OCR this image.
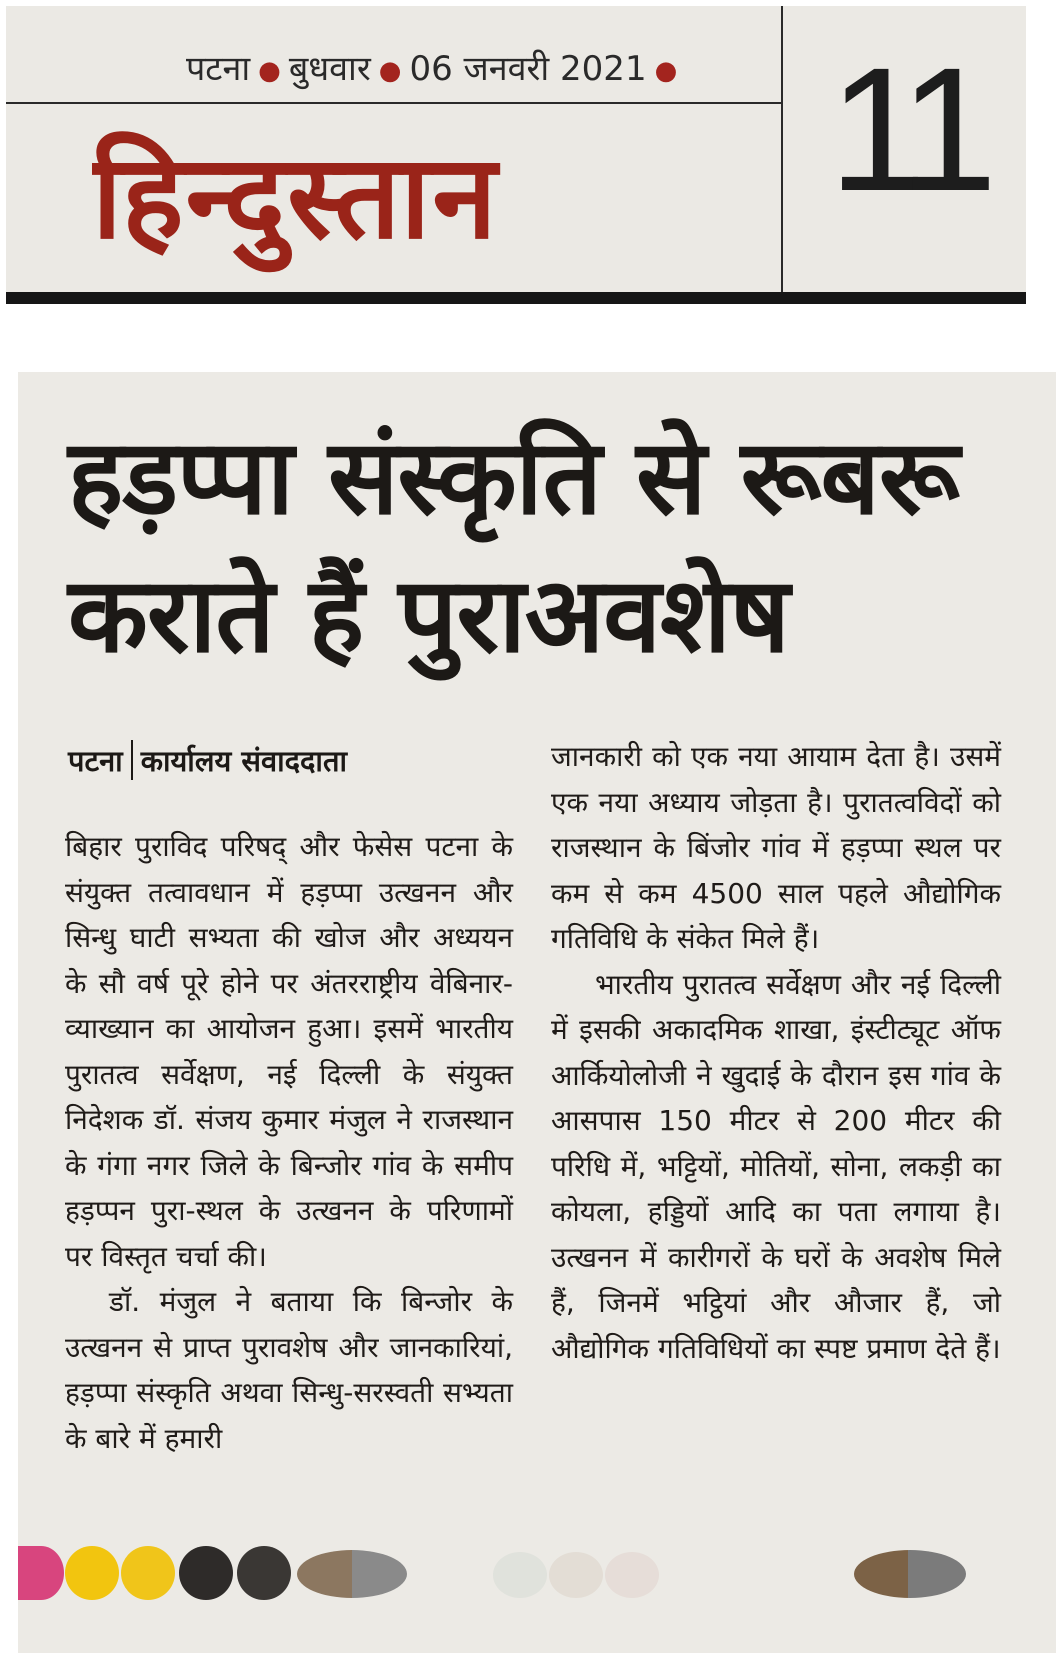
पटना ● बुधवार ● 06 जनवरी 2021 ●
हिन्दुस्तान	11
हड़प्पा संस्कृति से रूबरू
कराते हैं पुराअवशेष
पटना कार्यालय संवाददाता

बिहार पुराविद परिषद् और फेसेस पटना के संयुक्त तत्वावधान में हड़प्पा उत्खनन और सिन्धु घाटी सभ्यता की खोज और अध्ययन के सौ वर्ष पूरे होने पर अंतरराष्ट्रीय वेबिनार-व्याख्यान का आयोजन हुआ। इसमें भारतीय पुरातत्व सर्वेक्षण, नई दिल्ली के संयुक्त निदेशक डॉ. संजय कुमार मंजुल ने राजस्थान के गंगा नगर जिले के बिन्जोर गांव के समीप हड़प्पन पुरा-स्थल के उत्खनन के परिणामों पर विस्तृत चर्चा की।

डॉ. मंजुल ने बताया कि बिन्जोर के उत्खनन से प्राप्त पुरावशेष और जानकारियां, हड़प्पा संस्कृति अथवा सिन्धु-सरस्वती सभ्यता के बारे में हमारी

जानकारी को एक नया आयाम देता है। उसमें एक नया अध्याय जोड़ता है। पुरातत्वविदों को राजस्थान के बिंजोर गांव में हड़प्पा स्थल पर कम से कम 4500 साल पहले औद्योगिक गतिविधि के संकेत मिले हैं।

भारतीय पुरातत्व सर्वेक्षण और नई दिल्ली में इसकी अकादमिक शाखा, इंस्टीट्यूट ऑफ आर्कियोलोजी ने खुदाई के दौरान इस गांव के आसपास 150 मीटर से 200 मीटर की परिधि में, भट्टियों, मोतियों, सोना, लकड़ी का कोयला, हड्डियों आदि का पता लगाया है। उत्खनन में कारीगरों के घरों के अवशेष मिले हैं, जिनमें भट्ठियां और औजार हैं, जो औद्योगिक गतिविधियों का स्पष्ट प्रमाण देते हैं।
